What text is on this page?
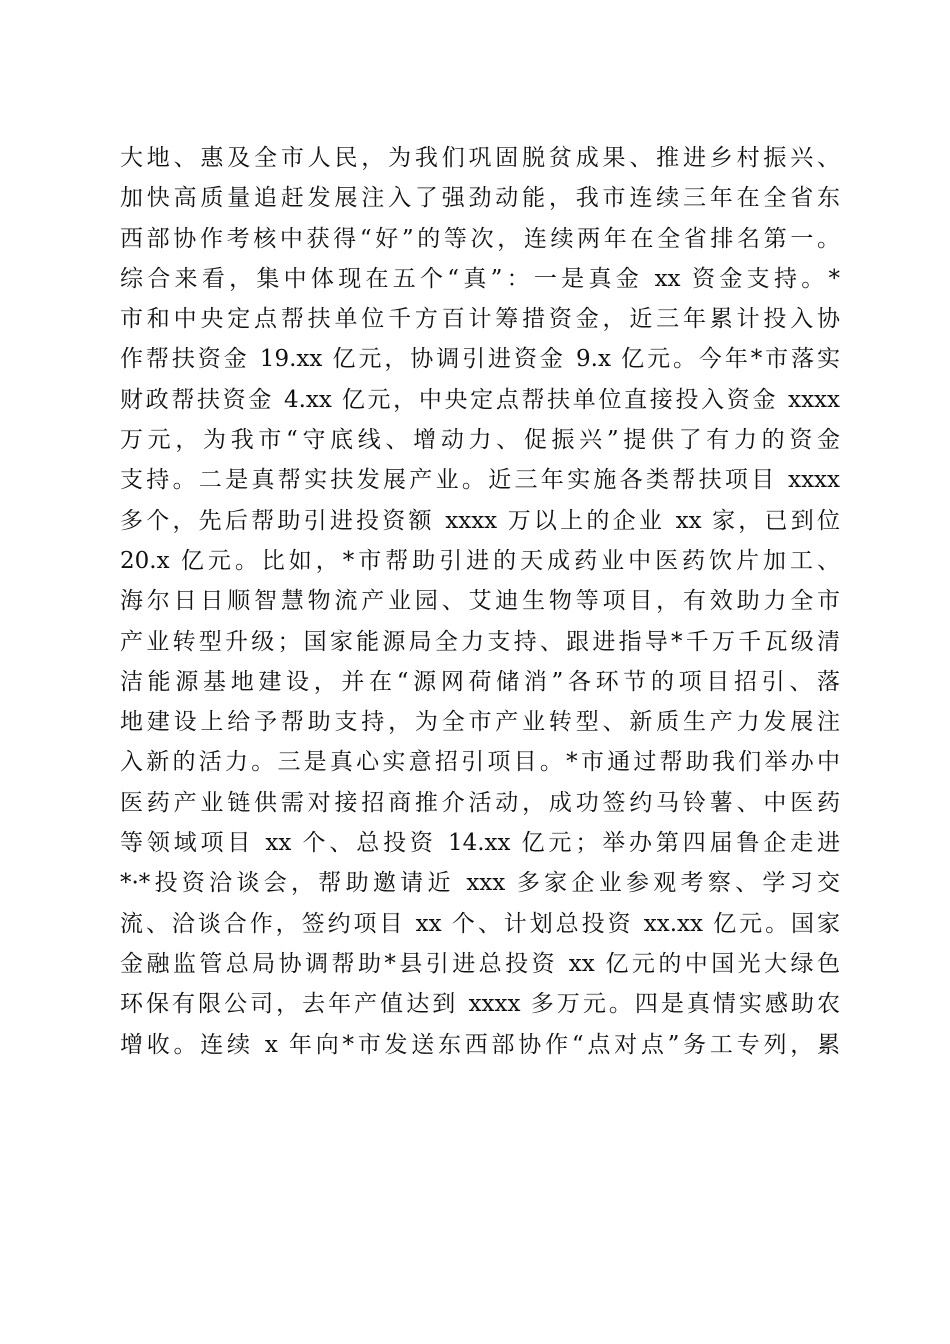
大地、惠及全市人民，为我们巩固脱贫成果、推进乡村振兴、
加快高质量追赶发展注入了强劲动能，我市连续三年在全省东
西部协作考核中获得“好”的等次，连续两年在全省排名第一。
综合来看，集中体现在五个“真”：一是真金 xx 资金支持。*
市和中央定点帮扶单位千方百计筹措资金，近三年累计投入协
作帮扶资金 19.xx 亿元，协调引进资金 9.x 亿元。今年*市落实
财政帮扶资金 4.xx 亿元，中央定点帮扶单位直接投入资金 xxxx
万元，为我市“守底线、增动力、促振兴”提供了有力的资金
支持。二是真帮实扶发展产业。近三年实施各类帮扶项目 xxxx
多个，先后帮助引进投资额 xxxx 万以上的企业 xx 家，已到位
20.x 亿元。比如，*市帮助引进的天成药业中医药饮片加工、
海尔日日顺智慧物流产业园、艾迪生物等项目，有效助力全市
产业转型升级；国家能源局全力支持、跟进指导*千万千瓦级清
洁能源基地建设，并在“源网荷储消”各环节的项目招引、落
地建设上给予帮助支持，为全市产业转型、新质生产力发展注
入新的活力。三是真心实意招引项目。*市通过帮助我们举办中
医药产业链供需对接招商推介活动，成功签约马铃薯、中医药
等领域项目 xx 个、总投资 14.xx 亿元；举办第四届鲁企走进
*·*投资洽谈会，帮助邀请近 xxx 多家企业参观考察、学习交
流、洽谈合作，签约项目 xx 个、计划总投资 xx.xx 亿元。国家
金融监管总局协调帮助*县引进总投资 xx 亿元的中国光大绿色
环保有限公司，去年产值达到 xxxx 多万元。四是真情实感助农
增收。连续 x 年向*市发送东西部协作“点对点”务工专列，累
